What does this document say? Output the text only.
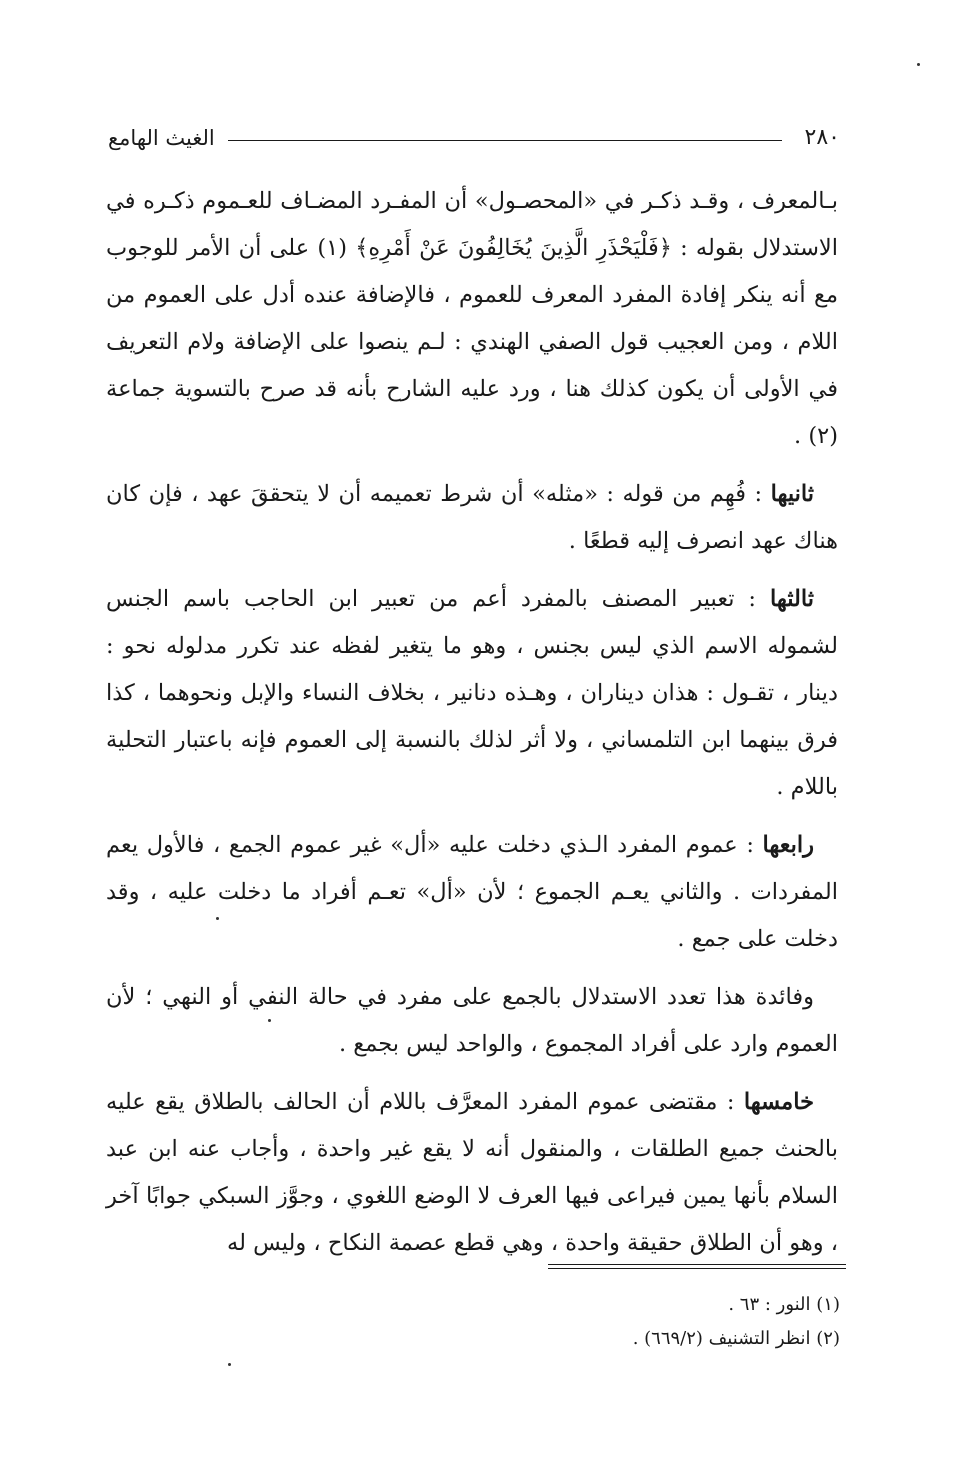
٢٨٠
الغيث الهامع

بـالمعرف ، وقـد ذكـر في «المحصـول» أن المفـرد المضـاف للعـموم ذكـره في الاستدلال بقوله : ﴿فَلْيَحْذَرِ الَّذِينَ يُخَالِفُونَ عَنْ أَمْرِهِ﴾ (١) على أن الأمر للوجوب مع أنه ينكر إفادة المفرد المعرف للعموم ، فالإضافة عنده أدل على العموم من اللام ، ومن العجيب قول الصفي الهندي : لـم ينصوا على الإضافة ولام التعريف في الأولى أن يكون كذلك هنا ، ورد عليه الشارح بأنه قد صرح بالتسوية جماعة (٢) .

ثانيها : فُهِم من قوله : «مثله» أن شرط تعميمه أن لا يتحققَ عهد ، فإن كان هناك عهد انصرف إليه قطعًا .

ثالثها : تعبير المصنف بالمفرد أعم من تعبير ابن الحاجب باسم الجنس لشموله الاسم الذي ليس بجنس ، وهو ما يتغير لفظه عند تكرر مدلوله نحو : دينار ، تقـول : هذان ديناران ، وهـذه دنانير ، بخلاف النساء والإبل ونحوهما ، كذا فرق بينهما ابن التلمساني ، ولا أثر لذلك بالنسبة إلى العموم فإنه باعتبار التحلية باللام .

رابعها : عموم المفرد الـذي دخلت عليه «أل» غير عموم الجمع ، فالأول يعم المفردات . والثاني يعـم الجموع ؛ لأن «أل» تعـم أفراد ما دخلت عليه ، وقد دخلت على جمع .

وفائدة هذا تعدد الاستدلال بالجمع على مفرد في حالة النفي أو النهي ؛ لأن العموم وارد على أفراد المجموع ، والواحد ليس بجمع .

خامسها : مقتضى عموم المفرد المعرَّف باللام أن الحالف بالطلاق يقع عليه بالحنث جميع الطلقات ، والمنقول أنه لا يقع غير واحدة ، وأجاب عنه ابن عبد السلام بأنها يمين فيراعى فيها العرف لا الوضع اللغوي ، وجوَّز السبكي جوابًا آخر ، وهو أن الطلاق حقيقة واحدة ، وهي قطع عصمة النكاح ، وليس له

(١) النور : ٦٣ .

(٢) انظر التشنيف (٦٦٩/٢) .
